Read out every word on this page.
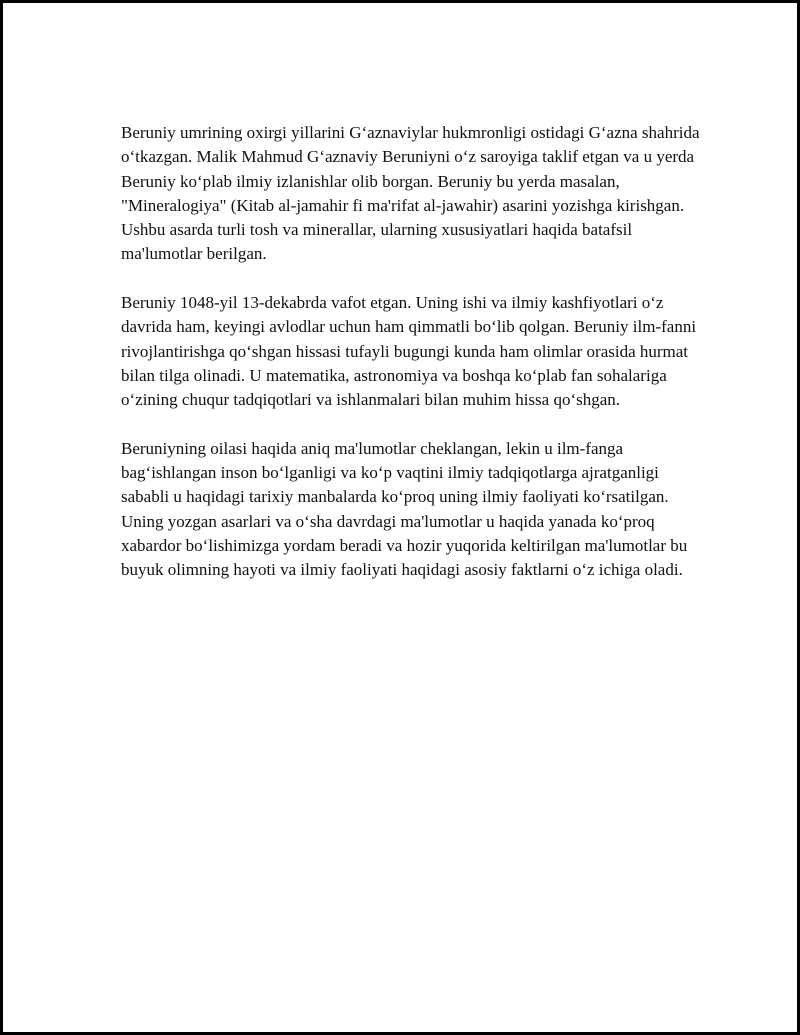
Beruniy umrining oxirgi yillarini G‘aznaviylar hukmronligi ostidagi G‘azna shahrida o‘tkazgan. Malik Mahmud G‘aznaviy Beruniyni o‘z saroyiga taklif etgan va u yerda Beruniy ko‘plab ilmiy izlanishlar olib borgan. Beruniy bu yerda masalan, "Mineralogiya" (Kitab al-jamahir fi ma'rifat al-jawahir) asarini yozishga kirishgan. Ushbu asarda turli tosh va minerallar, ularning xususiyatlari haqida batafsil ma'lumotlar berilgan.

Beruniy 1048-yil 13-dekabrda vafot etgan. Uning ishi va ilmiy kashfiyotlari o‘z davrida ham, keyingi avlodlar uchun ham qimmatli bo‘lib qolgan. Beruniy ilm-fanni rivojlantirishga qo‘shgan hissasi tufayli bugungi kunda ham olimlar orasida hurmat bilan tilga olinadi. U matematika, astronomiya va boshqa ko‘plab fan sohalariga o‘zining chuqur tadqiqotlari va ishlanmalari bilan muhim hissa qo‘shgan.

Beruniyning oilasi haqida aniq ma'lumotlar cheklangan, lekin u ilm-fanga bag‘ishlangan inson bo‘lganligi va ko‘p vaqtini ilmiy tadqiqotlarga ajratganligi sababli u haqidagi tarixiy manbalarda ko‘proq uning ilmiy faoliyati ko‘rsatilgan. Uning yozgan asarlari va o‘sha davrdagi ma'lumotlar u haqida yanada ko‘proq xabardor bo‘lishimizga yordam beradi va hozir yuqorida keltirilgan ma'lumotlar bu buyuk olimning hayoti va ilmiy faoliyati haqidagi asosiy faktlarni o‘z ichiga oladi.
